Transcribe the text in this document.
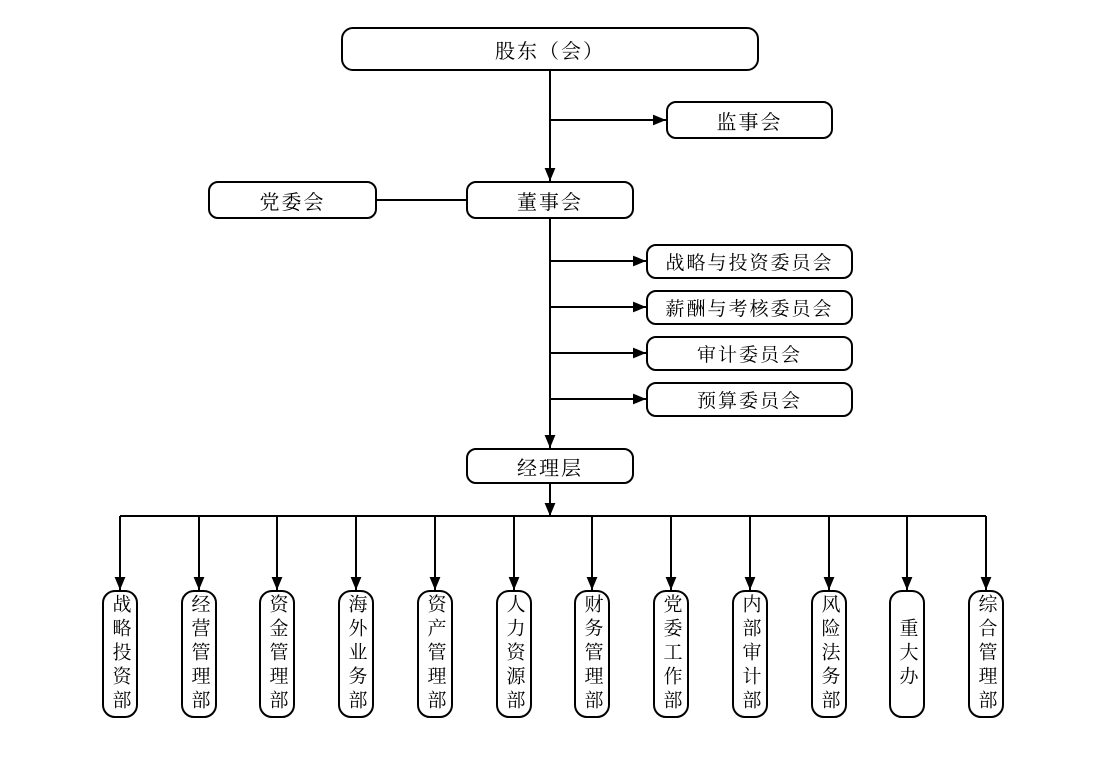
股东（会）
监事会
党委会	董事会
战略与投资委员会
薪酬与考核委员会
审计委员会
预算委员会
经理层
战略投资部	经营管理部	资金管理部	海外业务部	资产管理部	人力资源部	财务管理部	党委工作部	内部审计部	风险法务部	重大办	综合管理部
